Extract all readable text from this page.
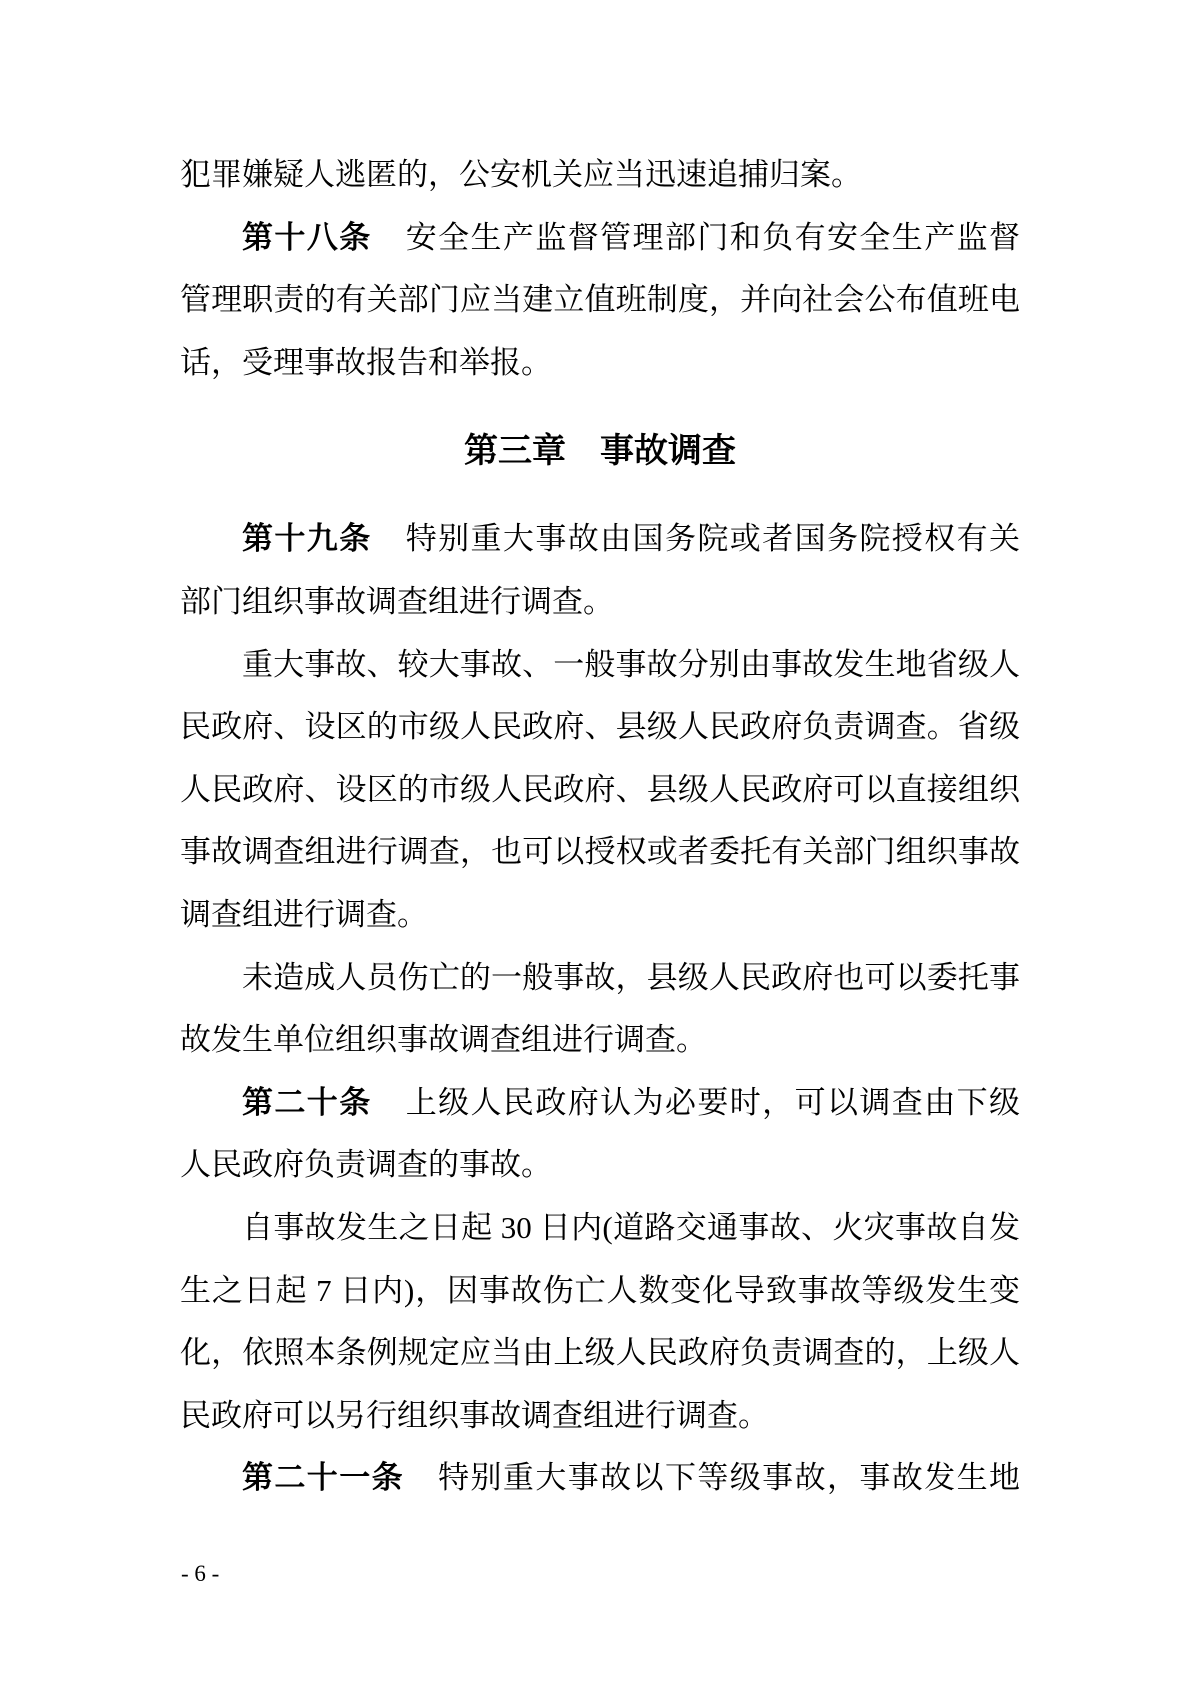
犯罪嫌疑人逃匿的，公安机关应当迅速追捕归案。

第十八条 安全生产监督管理部门和负有安全生产监督管理职责的有关部门应当建立值班制度，并向社会公布值班电话，受理事故报告和举报。

第三章　事故调查

第十九条 特别重大事故由国务院或者国务院授权有关部门组织事故调查组进行调查。

重大事故、较大事故、一般事故分别由事故发生地省级人民政府、设区的市级人民政府、县级人民政府负责调查。省级人民政府、设区的市级人民政府、县级人民政府可以直接组织事故调查组进行调查，也可以授权或者委托有关部门组织事故调查组进行调查。

未造成人员伤亡的一般事故，县级人民政府也可以委托事故发生单位组织事故调查组进行调查。

第二十条 上级人民政府认为必要时，可以调查由下级人民政府负责调查的事故。

自事故发生之日起 30 日内(道路交通事故、火灾事故自发生之日起 7 日内)，因事故伤亡人数变化导致事故等级发生变化，依照本条例规定应当由上级人民政府负责调查的，上级人民政府可以另行组织事故调查组进行调查。

第二十一条 特别重大事故以下等级事故，事故发生地

- 6 -
